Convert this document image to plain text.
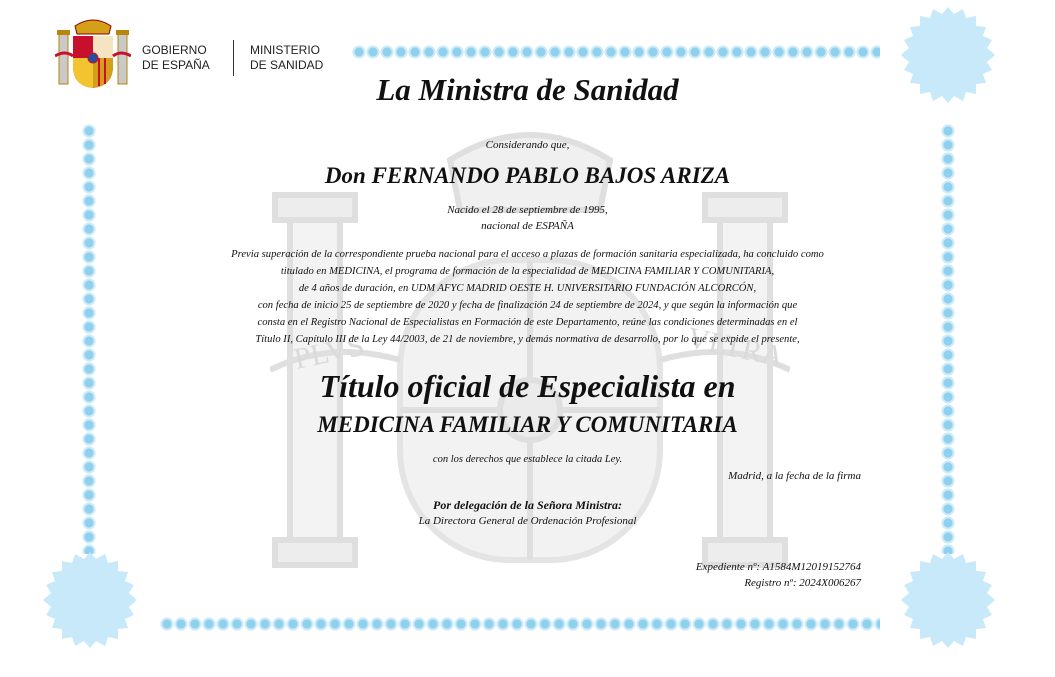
PLVS	VLTRA
GOBIERNO
DE ESPAÑA
MINISTERIO
DE SANIDAD
La Ministra de Sanidad
Considerando que,
Don FERNANDO PABLO BAJOS ARIZA
Nacido el 28 de septiembre de 1995,
nacional de ESPAÑA
Previa superación de la correspondiente prueba nacional para el acceso a plazas de formación sanitaria especializada, ha concluido como
titulado en MEDICINA, el programa de formación de la especialidad de MEDICINA FAMILIAR Y COMUNITARIA,
de 4 años de duración, en UDM AFYC MADRID OESTE H. UNIVERSITARIO FUNDACIÓN ALCORCÓN,
con fecha de inicio 25 de septiembre de 2020 y fecha de finalización 24 de septiembre de 2024, y que según la información que
consta en el Registro Nacional de Especialistas en Formación de este Departamento, reúne las condiciones determinadas en el
Título II, Capítulo III de la Ley 44/2003, de 21 de noviembre, y demás normativa de desarrollo, por lo que se expide el presente,
Título oficial de Especialista en
MEDICINA FAMILIAR Y COMUNITARIA
con los derechos que establece la citada Ley.
Madrid, a la fecha de la firma
Por delegación de la Señora Ministra:
La Directora General de Ordenación Profesional
Expediente nº: A1584M12019152764
Registro nº: 2024X006267
